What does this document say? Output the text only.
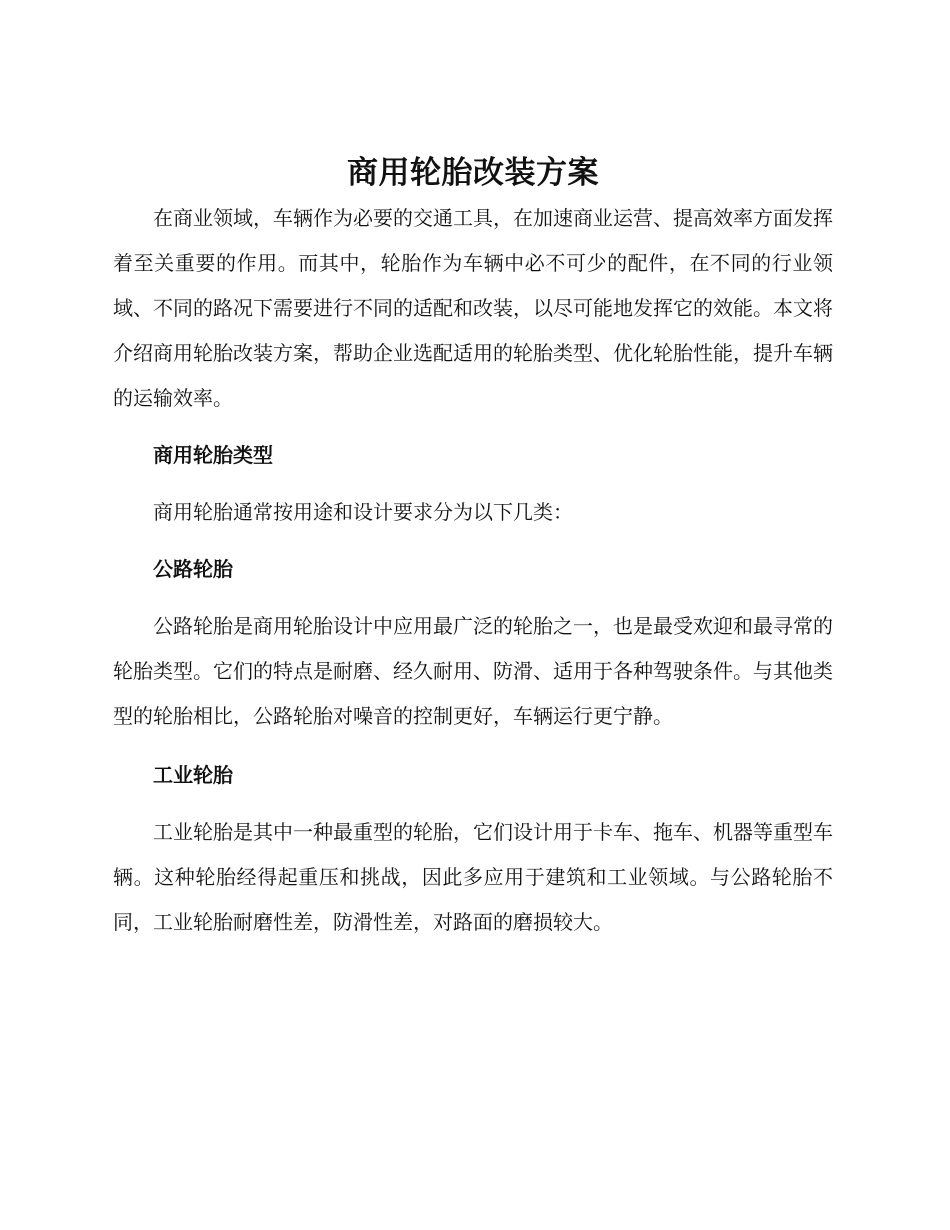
商用轮胎改装方案

在商业领域，车辆作为必要的交通工具，在加速商业运营、提高效率方面发挥着至关重要的作用。而其中，轮胎作为车辆中必不可少的配件，在不同的行业领域、不同的路况下需要进行不同的适配和改装，以尽可能地发挥它的效能。本文将介绍商用轮胎改装方案，帮助企业选配适用的轮胎类型、优化轮胎性能，提升车辆的运输效率。

商用轮胎类型

商用轮胎通常按用途和设计要求分为以下几类：

公路轮胎

公路轮胎是商用轮胎设计中应用最广泛的轮胎之一，也是最受欢迎和最寻常的轮胎类型。它们的特点是耐磨、经久耐用、防滑、适用于各种驾驶条件。与其他类型的轮胎相比，公路轮胎对噪音的控制更好，车辆运行更宁静。

工业轮胎

工业轮胎是其中一种最重型的轮胎，它们设计用于卡车、拖车、机器等重型车辆。这种轮胎经得起重压和挑战，因此多应用于建筑和工业领域。与公路轮胎不同，工业轮胎耐磨性差，防滑性差，对路面的磨损较大。
